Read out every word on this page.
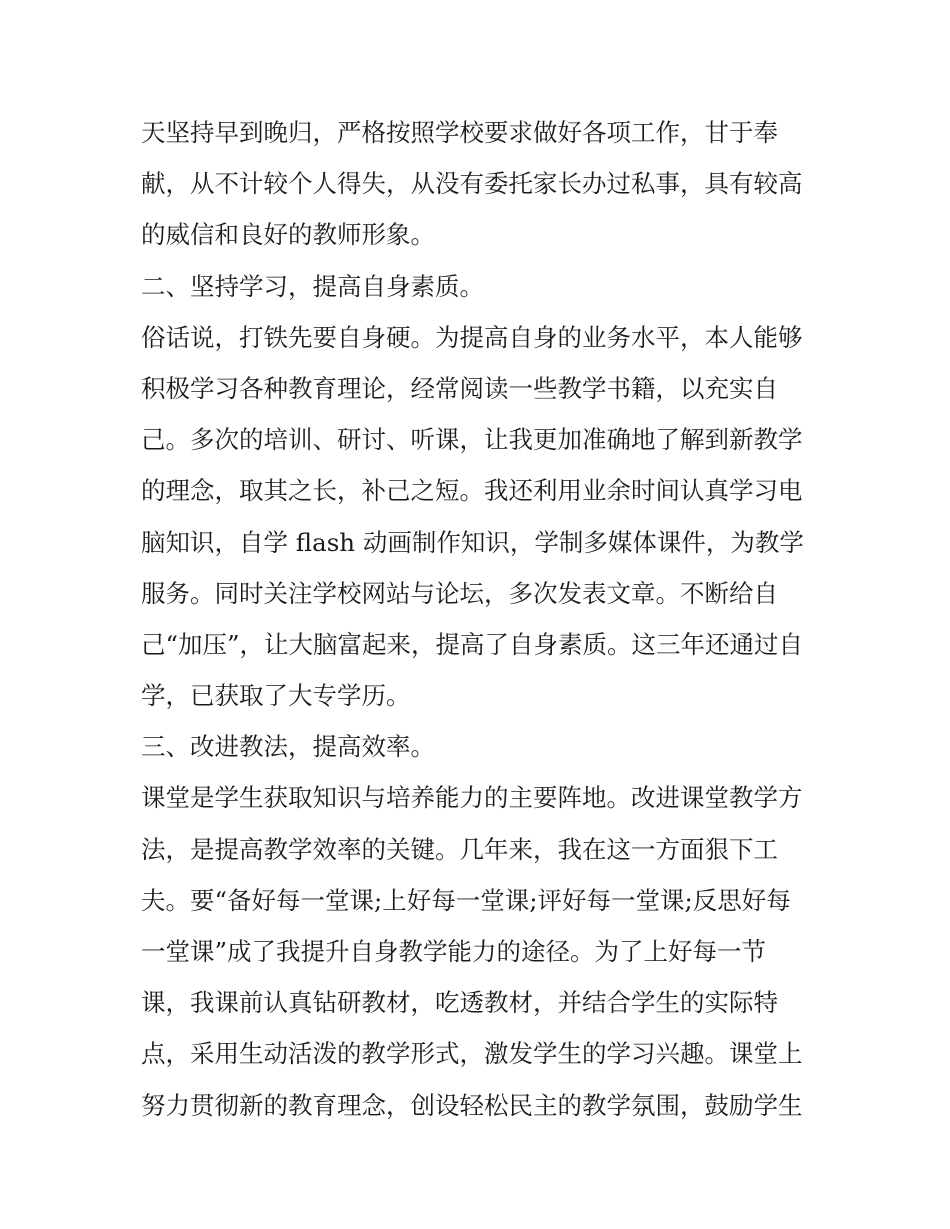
天坚持早到晚归，严格按照学校要求做好各项工作，甘于奉
献，从不计较个人得失，从没有委托家长办过私事，具有较高
的威信和良好的教师形象。
二、坚持学习，提高自身素质。
俗话说，打铁先要自身硬。为提高自身的业务水平，本人能够
积极学习各种教育理论，经常阅读一些教学书籍，以充实自
己。多次的培训、研讨、听课，让我更加准确地了解到新教学
的理念，取其之长，补己之短。我还利用业余时间认真学习电
脑知识，自学 flash 动画制作知识，学制多媒体课件，为教学
服务。同时关注学校网站与论坛，多次发表文章。不断给自
己“加压”，让大脑富起来，提高了自身素质。这三年还通过自
学，已获取了大专学历。
三、改进教法，提高效率。
课堂是学生获取知识与培养能力的主要阵地。改进课堂教学方
法，是提高教学效率的关键。几年来，我在这一方面狠下工
夫。要“备好每一堂课;上好每一堂课;评好每一堂课;反思好每
一堂课”成了我提升自身教学能力的途径。为了上好每一节
课，我课前认真钻研教材，吃透教材，并结合学生的实际特
点，采用生动活泼的教学形式，激发学生的学习兴趣。课堂上
努力贯彻新的教育理念，创设轻松民主的教学氛围，鼓励学生
